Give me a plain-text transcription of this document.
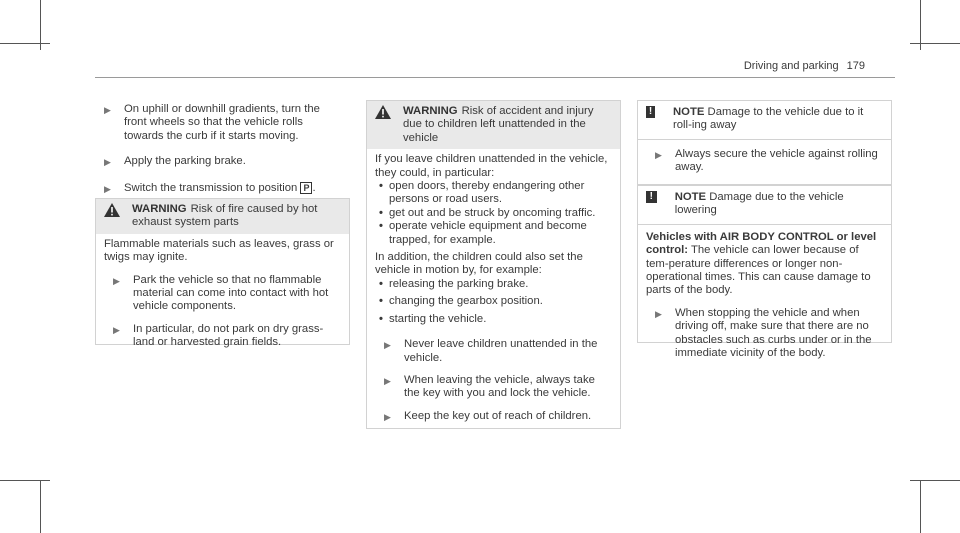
Driving and parking 179
▶	On uphill or downhill gradients, turn the front wheels so that the vehicle rolls towards the curb if it starts moving.

▶	Apply the parking brake.

▶	Switch the transmission to position P .

WARNING Risk of fire caused by hot exhaust system parts

Flammable materials such as leaves, grass or twigs may ignite.

▶	Park the vehicle so that no flammable material can come into contact with hot vehicle components.

▶	In particular, do not park on dry grass-land or harvested grain fields.

WARNING Risk of accident and injury due to children left unattended in the vehicle

If you leave children unattended in the vehicle, they could, in particular:

• open doors, thereby endangering other persons or road users.
• get out and be struck by oncoming traffic.
• operate vehicle equipment and become trapped, for example.

In addition, the children could also set the vehicle in motion by, for example:

• releasing the parking brake.
• changing the gearbox position.
• starting the vehicle.
▶	Never leave children unattended in the vehicle.

▶	When leaving the vehicle, always take the key with you and lock the vehicle.

▶	Keep the key out of reach of children.

!	NOTE Damage to the vehicle due to it roll-ing away
▶	Always secure the vehicle against rolling away.

!	NOTE Damage due to the vehicle lowering

Vehicles with AIR BODY CONTROL or level control: The vehicle can lower because of tem-perature differences or longer non-operational times. This can cause damage to parts of the body.

▶	When stopping the vehicle and when driving off, make sure that there are no obstacles such as curbs under or in the immediate vicinity of the body.
